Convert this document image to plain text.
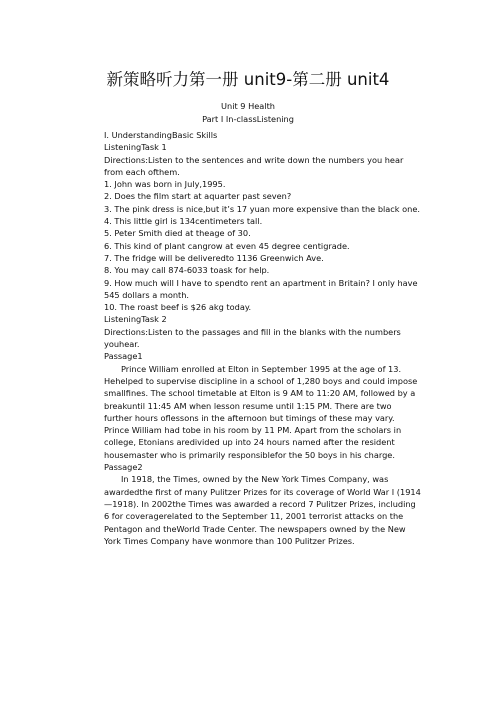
新策略听力第一册 unit9-第二册 unit4
Unit 9 Health
Part I In-classListening

I. UnderstandingBasic Skills

ListeningTask 1

Directions:Listen to the sentences and write down the numbers you hear from each ofthem.

1. John was born in July,1995.

2. Does the film start at aquarter past seven?

3. The pink dress is nice,but it’s 17 yuan more expensive than the black one.

4. This little girl is 134centimeters tall.

5. Peter Smith died at theage of 30.

6. This kind of plant cangrow at even 45 degree centigrade.

7. The fridge will be deliveredto 1136 Greenwich Ave.

8. You may call 874-6033 toask for help.

9. How much will I have to spendto rent an apartment in Britain? I only have 545 dollars a month.

10. The roast beef is $26 akg today.

ListeningTask 2

Directions:Listen to the passages and fill in the blanks with the numbers youhear.

Passage1

Prince William enrolled at Elton in September 1995 at the age of 13. Hehelped to supervise discipline in a school of 1,280 boys and could impose smallfines. The school timetable at Elton is 9 AM to 11:20 AM, followed by a breakuntil 11:45 AM when lesson resume until 1:15 PM. There are two further hours oflessons in the afternoon but timings of these may vary. Prince William had tobe in his room by 11 PM. Apart from the scholars in college, Etonians aredivided up into 24 hours named after the resident housemaster who is primarily responsiblefor the 50 boys in his charge.

Passage2

In 1918, the Times, owned by the New York Times Company, was awardedthe first of many Pulitzer Prizes for its coverage of World War I (1914—1918). In 2002the Times was awarded a record 7 Pulitzer Prizes, including 6 for coveragerelated to the September 11, 2001 terrorist attacks on the Pentagon and theWorld Trade Center. The newspapers owned by the New York Times Company have wonmore than 100 Pulitzer Prizes.
